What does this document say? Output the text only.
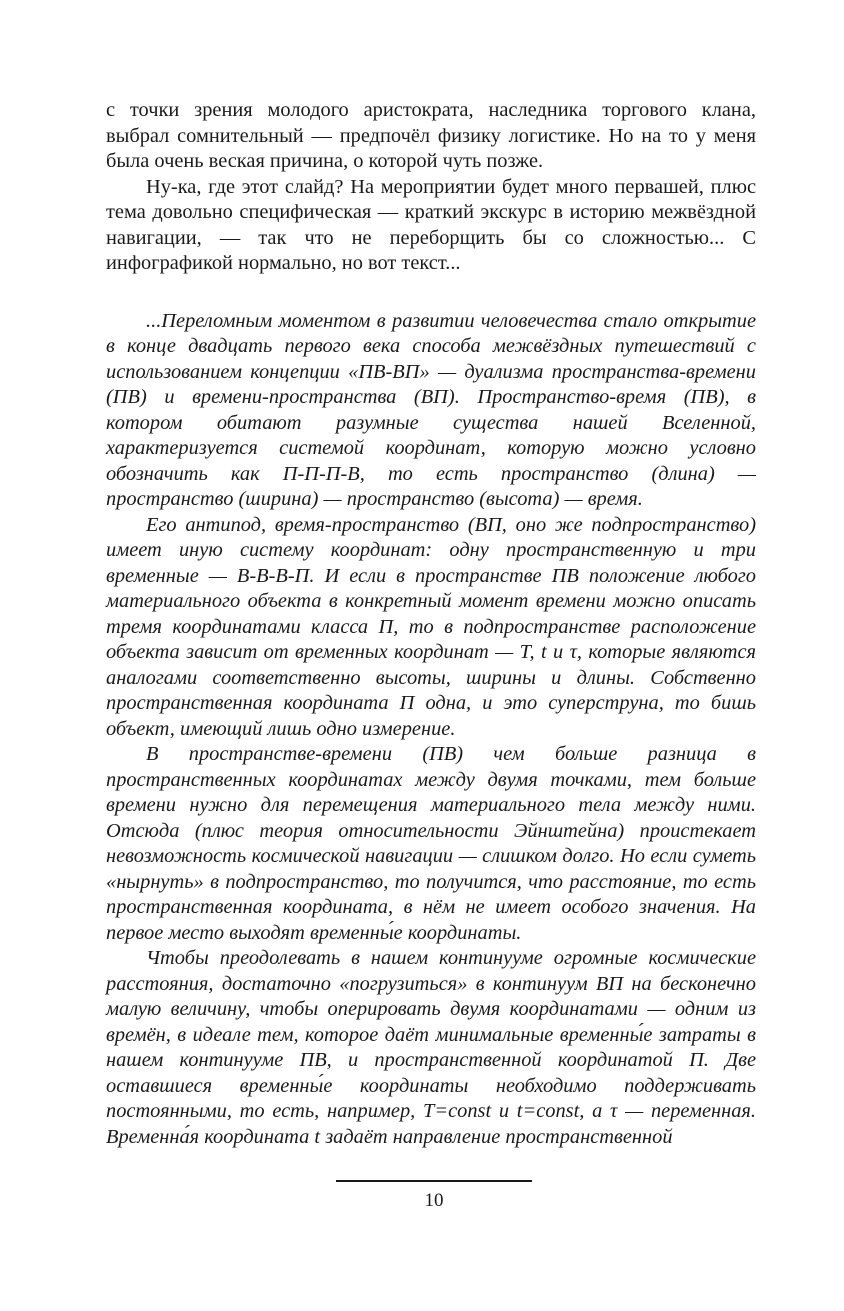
с точки зрения молодого аристократа, наследника торгового клана, выбрал сомнительный — предпочёл физику логистике. Но на то у меня была очень веская причина, о которой чуть позже.

Ну-ка, где этот слайд? На мероприятии будет много первашей, плюс тема довольно специфическая — краткий экскурс в историю межвёздной навигации, — так что не переборщить бы со сложностью... С инфографикой нормально, но вот текст...

...Переломным моментом в развитии человечества стало открытие в конце двадцать первого века способа межвёздных путешествий с использованием концепции «ПВ-ВП» — дуализма пространства-времени (ПВ) и времени-пространства (ВП). Пространство-время (ПВ), в котором обитают разумные существа нашей Вселенной, характеризуется системой координат, которую можно условно обозначить как П-П-П-В, то есть пространство (длина) — пространство (ширина) — пространство (высота) — время.

Его антипод, время-пространство (ВП, оно же подпространство) имеет иную систему координат: одну пространственную и три временные — В-В-В-П. И если в пространстве ПВ положение любого материального объекта в конкретный момент времени можно описать тремя координатами класса П, то в подпространстве расположение объекта зависит от временных координат — T, t и τ, которые являются аналогами соответственно высоты, ширины и длины. Собственно пространственная координата П одна, и это суперструна, то бишь объект, имеющий лишь одно измерение.

В пространстве-времени (ПВ) чем больше разница в пространственных координатах между двумя точками, тем больше времени нужно для перемещения материального тела между ними. Отсюда (плюс теория относительности Эйнштейна) проистекает невозможность космической навигации — слишком долго. Но если суметь «нырнуть» в подпространство, то получится, что расстояние, то есть пространственная координата, в нём не имеет особого значения. На первое место выходят временны́е координаты.

Чтобы преодолевать в нашем континууме огромные космические расстояния, достаточно «погрузиться» в континуум ВП на бесконечно малую величину, чтобы оперировать двумя координатами — одним из времён, в идеале тем, которое даёт минимальные временны́е затраты в нашем континууме ПВ, и пространственной координатой П. Две оставшиеся временны́е координаты необходимо поддерживать постоянными, то есть, например, T=const и t=const, а τ — переменная. Временна́я координата t задаёт направление пространственной

10
